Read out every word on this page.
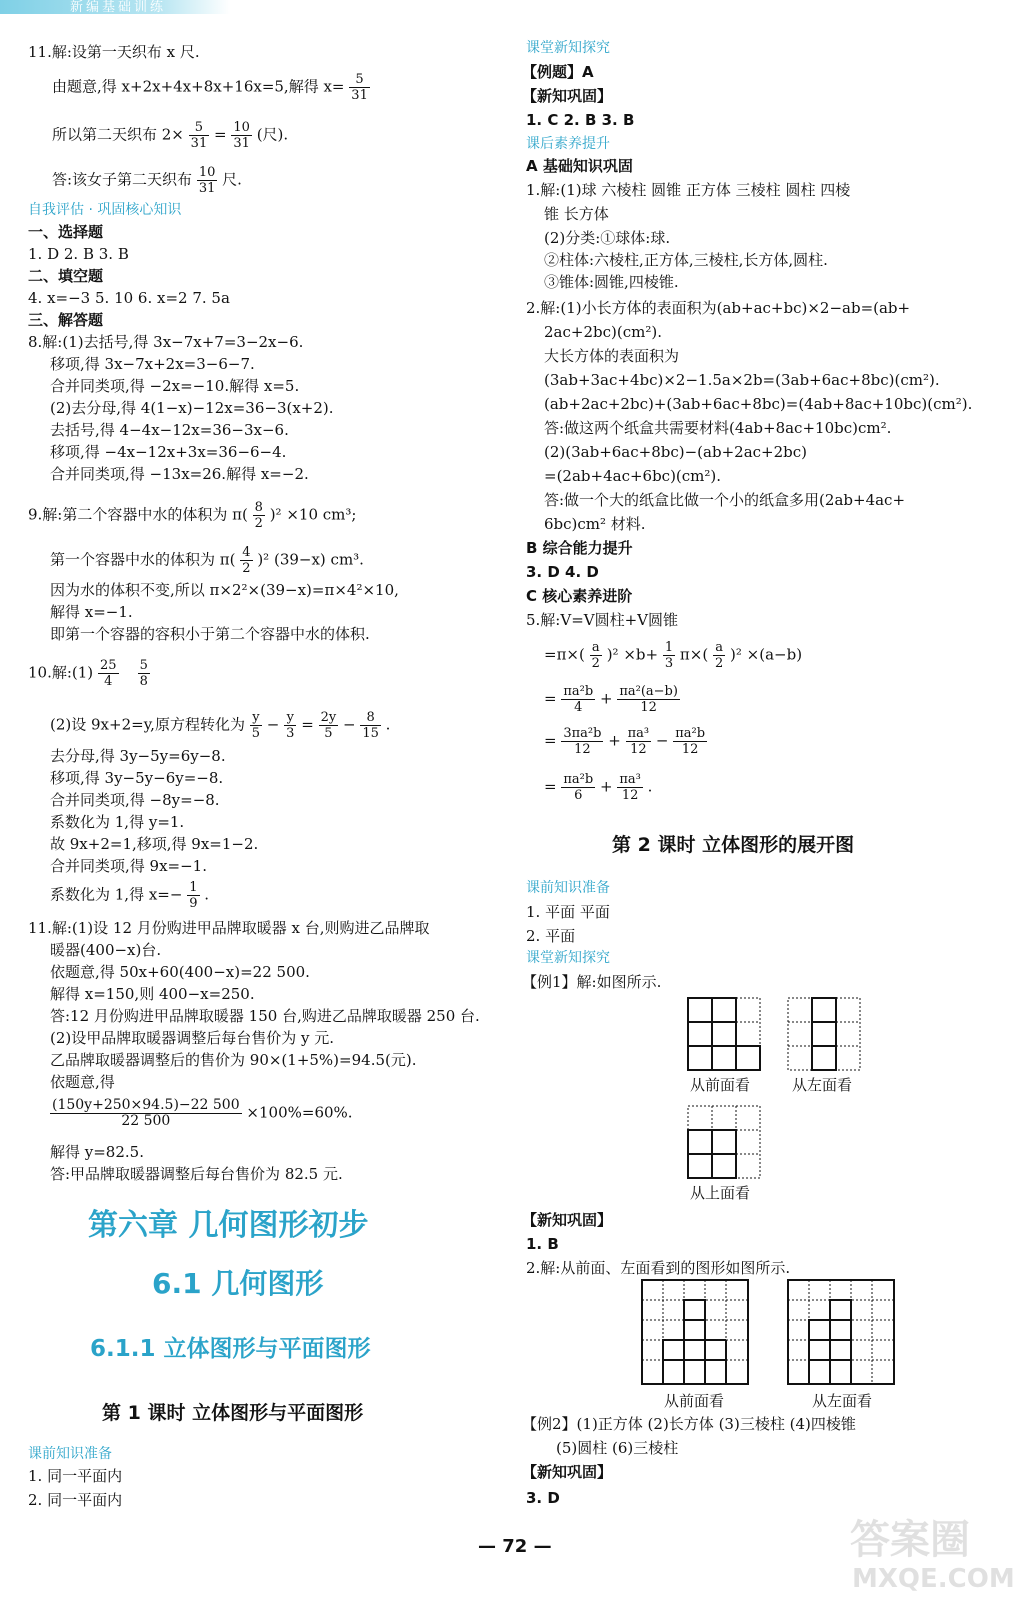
新编基础训练
11.解:设第一天织布 x 尺.
由题意,得 x+2x+4x+8x+16x=5,解得 $x= \frac{5}{31}$
所以第二天织布 $2\times \frac{5}{31} = \frac{10}{31}$ (尺).
答:该女子第二天织布 $\frac{10}{31}$ 尺.
自我评估 · 巩固核心知识
一、选择题
1. D 2. B 3. B
二、填空题
4. x=−3 5. 10 6. x=2 7. 5a
三、解答题
8.解:(1)去括号,得 3x−7x+7=3−2x−6.
移项,得 3x−7x+2x=3−6−7.
合并同类项,得 −2x=−10.解得 x=5.
(2)去分母,得 4(1−x)−12x=36−3(x+2).
去括号,得 4−4x−12x=36−3x−6.
移项,得 −4x−12x+3x=36−6−4.
合并同类项,得 −13x=26.解得 x=−2.
9.解:第二个容器中水的体积为 $\pi( \frac{8}{2} )^2 \times 10$ cm³;
第一个容器中水的体积为 $\pi( \frac{4}{2} )^2$ (39−x) cm³.
因为水的体积不变,所以 π×2²×(39−x)=π×4²×10,
解得 x=−1.
即第一个容器的容积小于第二个容器中水的体积.
10.解:(1) $\frac{25}{4}$
$\frac{5}{8}$
(2)设 9x+2=y,原方程转化为 $\frac{y}{5} - \frac{y}{3} = \frac{2y}{5} - \frac{8}{15}$ .
去分母,得 3y−5y=6y−8.
移项,得 3y−5y−6y=−8.
合并同类项,得 −8y=−8.
系数化为 1,得 y=1.
故 9x+2=1,移项,得 9x=1−2.
合并同类项,得 9x=−1.
系数化为 1,得 $x=- \frac{1}{9}$ .
11.解:(1)设 12 月份购进甲品牌取暖器 x 台,则购进乙品牌取
暖器(400−x)台.
依题意,得 50x+60(400−x)=22 500.
解得 x=150,则 400−x=250.
答:12 月份购进甲品牌取暖器 150 台,购进乙品牌取暖器 250 台.
(2)设甲品牌取暖器调整后每台售价为 y 元.
乙品牌取暖器调整后的售价为 90×(1+5%)=94.5(元).
依题意,得
$\frac{(150y+250\times 94.5)-22 500}{22 500} \times 100\%=60\%$.
解得 y=82.5.
答:甲品牌取暖器调整后每台售价为 82.5 元.
第六章 几何图形初步
6.1 几何图形
6.1.1 立体图形与平面图形
第 1 课时 立体图形与平面图形
课前知识准备
1. 同一平面内
2. 同一平面内
课堂新知探究
【例题】A
【新知巩固】
1. C 2. B 3. B
课后素养提升
A 基础知识巩固
1.解:(1)球 六棱柱 圆锥 正方体 三棱柱 圆柱 四棱
锥 长方体
(2)分类:①球体:球.
②柱体:六棱柱,正方体,三棱柱,长方体,圆柱.
③锥体:圆锥,四棱锥.
2.解:(1)小长方体的表面积为(ab+ac+bc)×2−ab=(ab+
2ac+2bc)(cm²).
大长方体的表面积为
(3ab+3ac+4bc)×2−1.5a×2b=(3ab+6ac+8bc)(cm²).
(ab+2ac+2bc)+(3ab+6ac+8bc)=(4ab+8ac+10bc)(cm²).
答:做这两个纸盒共需要材料(4ab+8ac+10bc)cm².
(2)(3ab+6ac+8bc)−(ab+2ac+2bc)
=(2ab+4ac+6bc)(cm²).
答:做一个大的纸盒比做一个小的纸盒多用(2ab+4ac+
6bc)cm² 材料.
B 综合能力提升
3. D 4. D
C 核心素养进阶
5.解:V=V圆柱+V圆锥
$=\pi\times( \frac{a}{2} )^2 \times b+ \frac{1}{3} \pi\times( \frac{a}{2} )^2 \times(a-b)$
= $\frac{\text{πa²b}}{4} + \frac{\text{πa²(a−b)}}{12}$
= $\frac{\text{3πa²b}}{12} + \frac{\text{πa³}}{12} - \frac{\text{πa²b}}{12}$
= $\frac{\text{πa²b}}{6} + \frac{\text{πa³}}{12}$ .
第 2 课时 立体图形的展开图
课前知识准备
1. 平面 平面
2. 平面
课堂新知探究
【例1】解:如图所示.
从前面看	从左面看
从上面看
【新知巩固】
1. B
2.解:从前面、左面看到的图形如图所示.
从前面看	从左面看
【例2】(1)正方体 (2)长方体 (3)三棱柱 (4)四棱锥
(5)圆柱 (6)三棱柱
【新知巩固】
3. D
— 72 —	答案圈
MXQE.COM
